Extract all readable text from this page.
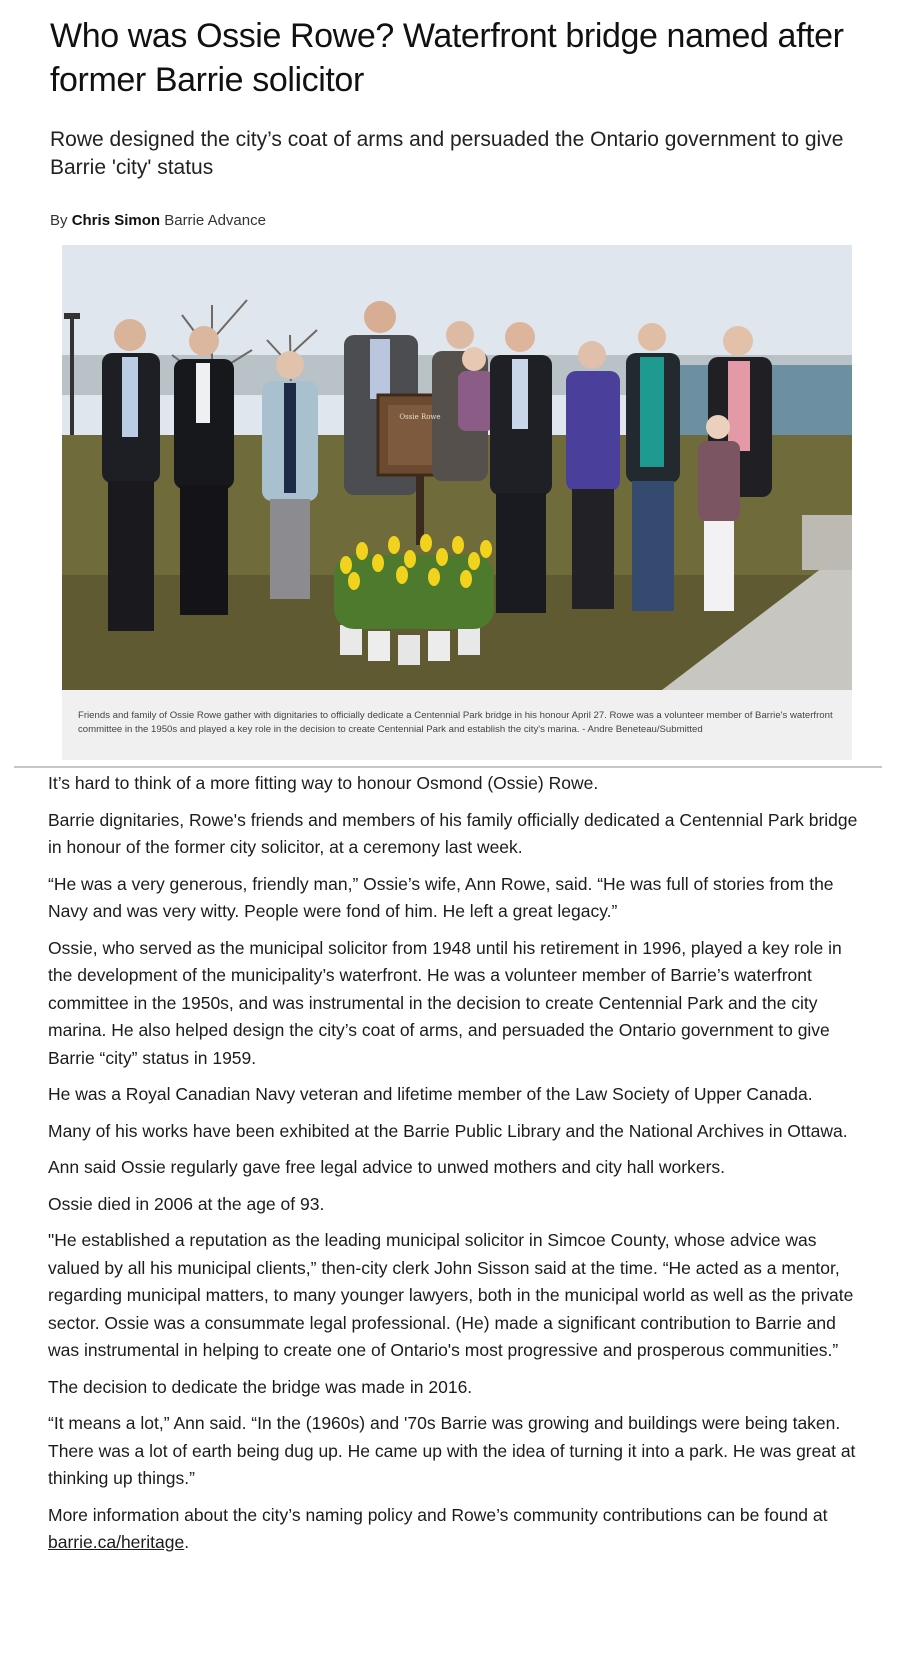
Who was Ossie Rowe? Waterfront bridge named after former Barrie solicitor

Rowe designed the city’s coat of arms and persuaded the Ontario government to give Barrie 'city' status

By Chris Simon Barrie Advance
Ossie Rowe
Friends and family of Ossie Rowe gather with dignitaries to officially dedicate a Centennial Park bridge in his honour April 27. Rowe was a volunteer member of Barrie's waterfront committee in the 1950s and played a key role in the decision to create Centennial Park and establish the city's marina. - Andre Beneteau/Submitted

It’s hard to think of a more fitting way to honour Osmond (Ossie) Rowe.

Barrie dignitaries, Rowe's friends and members of his family officially dedicated a Centennial Park bridge in honour of the former city solicitor, at a ceremony last week.

“He was a very generous, friendly man,” Ossie’s wife, Ann Rowe, said. “He was full of stories from the Navy and was very witty. People were fond of him. He left a great legacy.”

Ossie, who served as the municipal solicitor from 1948 until his retirement in 1996, played a key role in the development of the municipality’s waterfront. He was a volunteer member of Barrie’s waterfront committee in the 1950s, and was instrumental in the decision to create Centennial Park and the city marina. He also helped design the city’s coat of arms, and persuaded the Ontario government to give Barrie “city” status in 1959.

He was a Royal Canadian Navy veteran and lifetime member of the Law Society of Upper Canada.

Many of his works have been exhibited at the Barrie Public Library and the National Archives in Ottawa.

Ann said Ossie regularly gave free legal advice to unwed mothers and city hall workers.

Ossie died in 2006 at the age of 93.

"He established a reputation as the leading municipal solicitor in Simcoe County, whose advice was valued by all his municipal clients,” then-city clerk John Sisson said at the time. “He acted as a mentor, regarding municipal matters, to many younger lawyers, both in the municipal world as well as the private sector. Ossie was a consummate legal professional. (He) made a significant contribution to Barrie and was instrumental in helping to create one of Ontario's most progressive and prosperous communities.”

The decision to dedicate the bridge was made in 2016.

“It means a lot,” Ann said. “In the (1960s) and '70s Barrie was growing and buildings were being taken. There was a lot of earth being dug up. He came up with the idea of turning it into a park. He was great at thinking up things.”

More information about the city’s naming policy and Rowe’s community contributions can be found at barrie.ca/heritage.
